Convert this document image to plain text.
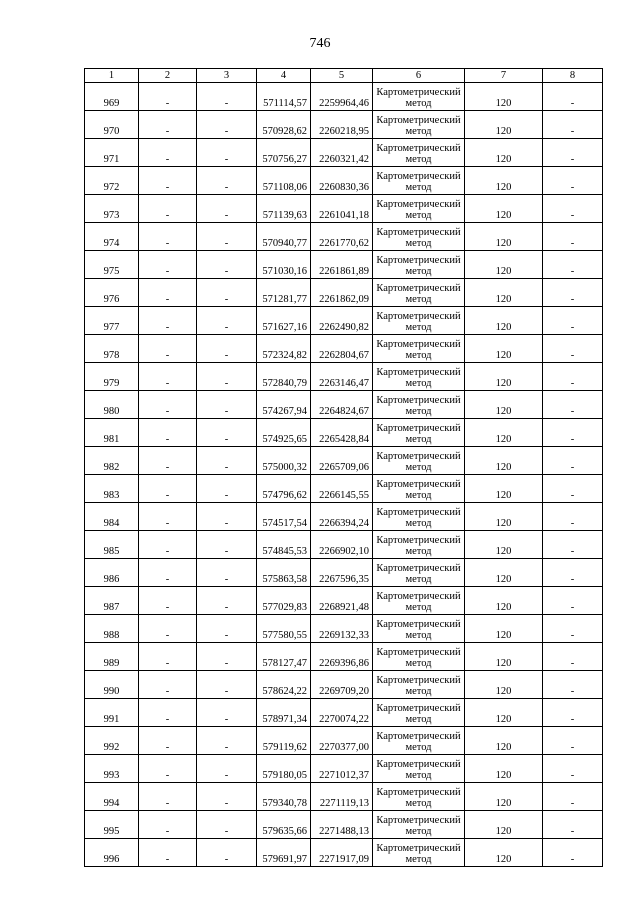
746
1	2	3	4	5	6	7	8
969	-	-	571114,57	2259964,46	Картометрический метод	120	-
970	-	-	570928,62	2260218,95	Картометрический метод	120	-
971	-	-	570756,27	2260321,42	Картометрический метод	120	-
972	-	-	571108,06	2260830,36	Картометрический метод	120	-
973	-	-	571139,63	2261041,18	Картометрический метод	120	-
974	-	-	570940,77	2261770,62	Картометрический метод	120	-
975	-	-	571030,16	2261861,89	Картометрический метод	120	-
976	-	-	571281,77	2261862,09	Картометрический метод	120	-
977	-	-	571627,16	2262490,82	Картометрический метод	120	-
978	-	-	572324,82	2262804,67	Картометрический метод	120	-
979	-	-	572840,79	2263146,47	Картометрический метод	120	-
980	-	-	574267,94	2264824,67	Картометрический метод	120	-
981	-	-	574925,65	2265428,84	Картометрический метод	120	-
982	-	-	575000,32	2265709,06	Картометрический метод	120	-
983	-	-	574796,62	2266145,55	Картометрический метод	120	-
984	-	-	574517,54	2266394,24	Картометрический метод	120	-
985	-	-	574845,53	2266902,10	Картометрический метод	120	-
986	-	-	575863,58	2267596,35	Картометрический метод	120	-
987	-	-	577029,83	2268921,48	Картометрический метод	120	-
988	-	-	577580,55	2269132,33	Картометрический метод	120	-
989	-	-	578127,47	2269396,86	Картометрический метод	120	-
990	-	-	578624,22	2269709,20	Картометрический метод	120	-
991	-	-	578971,34	2270074,22	Картометрический метод	120	-
992	-	-	579119,62	2270377,00	Картометрический метод	120	-
993	-	-	579180,05	2271012,37	Картометрический метод	120	-
994	-	-	579340,78	2271119,13	Картометрический метод	120	-
995	-	-	579635,66	2271488,13	Картометрический метод	120	-
996	-	-	579691,97	2271917,09	Картометрический метод	120	-
